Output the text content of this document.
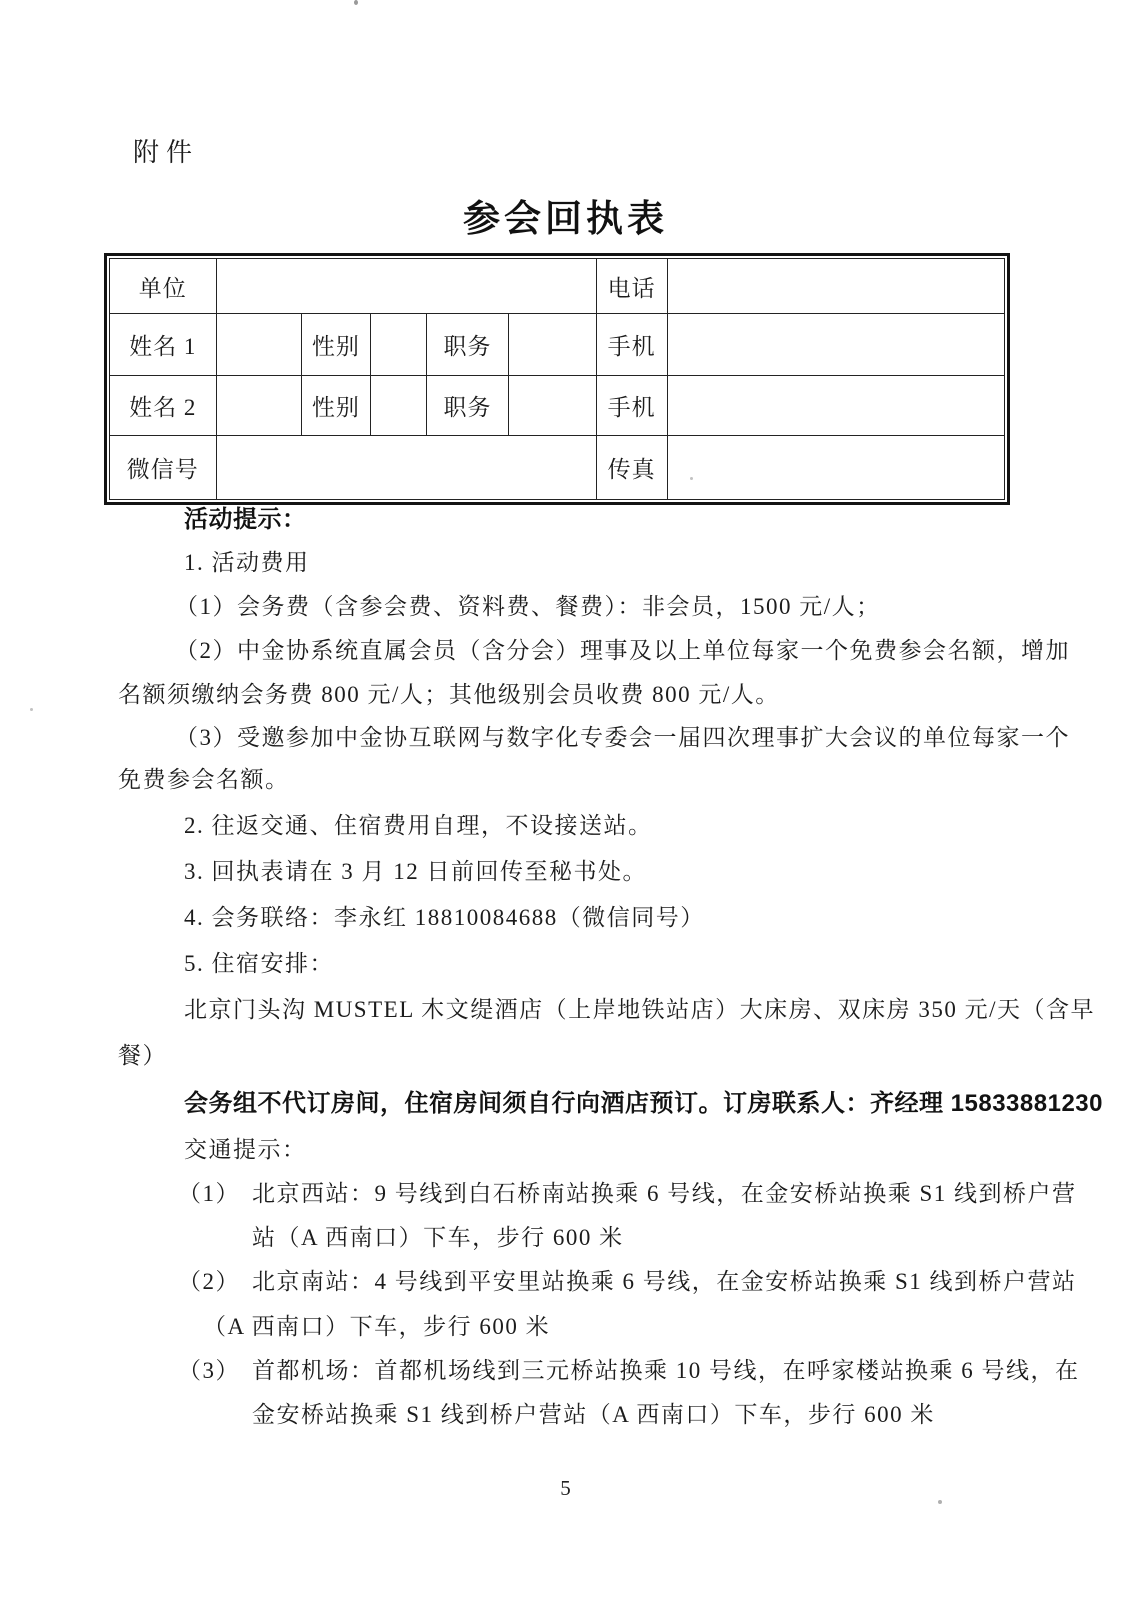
附件
参会回执表
单位						电话	
姓名 1		性别		职务		手机	
姓名 2		性别		职务		手机	
微信号						传真	
活动提示：
1. 活动费用
（1）会务费（含参会费、资料费、餐费）：非会员，1500 元/人；
（2）中金协系统直属会员（含分会）理事及以上单位每家一个免费参会名额，增加
名额须缴纳会务费 800 元/人；其他级别会员收费 800 元/人。
（3）受邀参加中金协互联网与数字化专委会一届四次理事扩大会议的单位每家一个
免费参会名额。
2. 往返交通、住宿费用自理，不设接送站。
3. 回执表请在 3 月 12 日前回传至秘书处。
4. 会务联络：李永红 18810084688（微信同号）
5. 住宿安排：
北京门头沟 MUSTEL 木文缇酒店（上岸地铁站店）大床房、双床房 350 元/天（含早
餐）
会务组不代订房间，住宿房间须自行向酒店预订。订房联系人：齐经理 15833881230
交通提示：
（1） 北京西站：9 号线到白石桥南站换乘 6 号线，在金安桥站换乘 S1 线到桥户营
站（A 西南口）下车，步行 600 米
（2） 北京南站：4 号线到平安里站换乘 6 号线，在金安桥站换乘 S1 线到桥户营站
（A 西南口）下车，步行 600 米
（3） 首都机场：首都机场线到三元桥站换乘 10 号线，在呼家楼站换乘 6 号线，在
金安桥站换乘 S1 线到桥户营站（A 西南口）下车，步行 600 米
5
